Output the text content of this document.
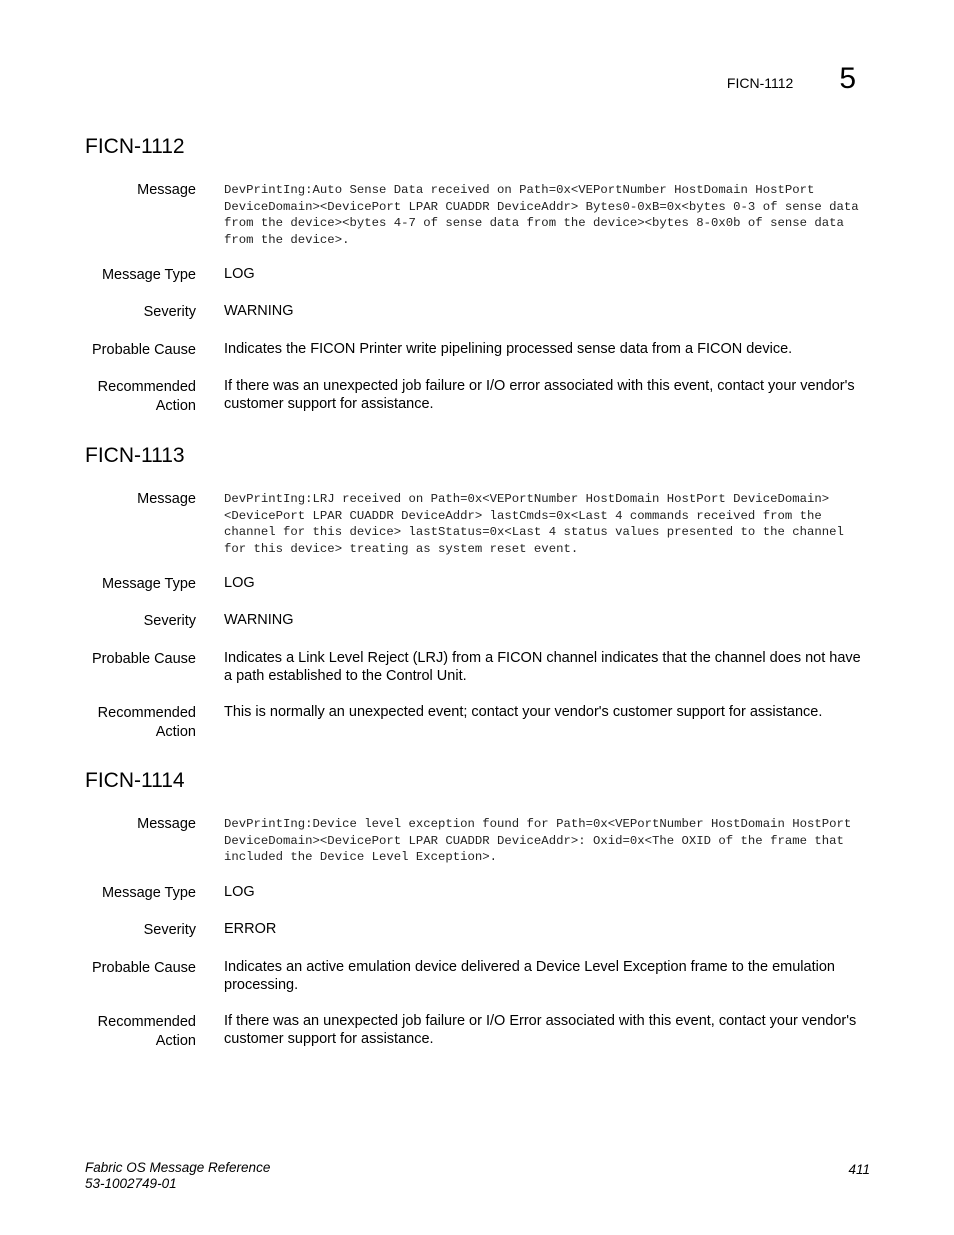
FICN-1112 5
FICN-1112
Message DevPrintIng:Auto Sense Data received on Path=0x<VEPortNumber HostDomain HostPort DeviceDomain><DevicePort LPAR CUADDR DeviceAddr> Bytes0-0xB=0x<bytes 0-3 of sense data from the device><bytes 4-7 of sense data from the device><bytes 8-0x0b of sense data from the device>.
Message Type LOG
Severity WARNING
Probable Cause Indicates the FICON Printer write pipelining processed sense data from a FICON device.
Recommended
Action
If there was an unexpected job failure or I/O error associated with this event, contact your vendor's customer support for assistance.
FICN-1113
Message DevPrintIng:LRJ received on Path=0x<VEPortNumber HostDomain HostPort DeviceDomain><DevicePort LPAR CUADDR DeviceAddr> lastCmds=0x<Last 4 commands received from the channel for this device> lastStatus=0x<Last 4 status values presented to the channel for this device> treating as system reset event.
Message Type LOG
Severity WARNING
Probable Cause Indicates a Link Level Reject (LRJ) from a FICON channel indicates that the channel does not have a path established to the Control Unit.
Recommended
Action
This is normally an unexpected event; contact your vendor's customer support for assistance.
FICN-1114
Message DevPrintIng:Device level exception found for Path=0x<VEPortNumber HostDomain HostPort DeviceDomain><DevicePort LPAR CUADDR DeviceAddr>: Oxid=0x<The OXID of the frame that included the Device Level Exception>.
Message Type LOG
Severity ERROR
Probable Cause Indicates an active emulation device delivered a Device Level Exception frame to the emulation processing.
Recommended
Action
If there was an unexpected job failure or I/O Error associated with this event, contact your vendor's customer support for assistance.
Fabric OS Message Reference
53-1002749-01
411
